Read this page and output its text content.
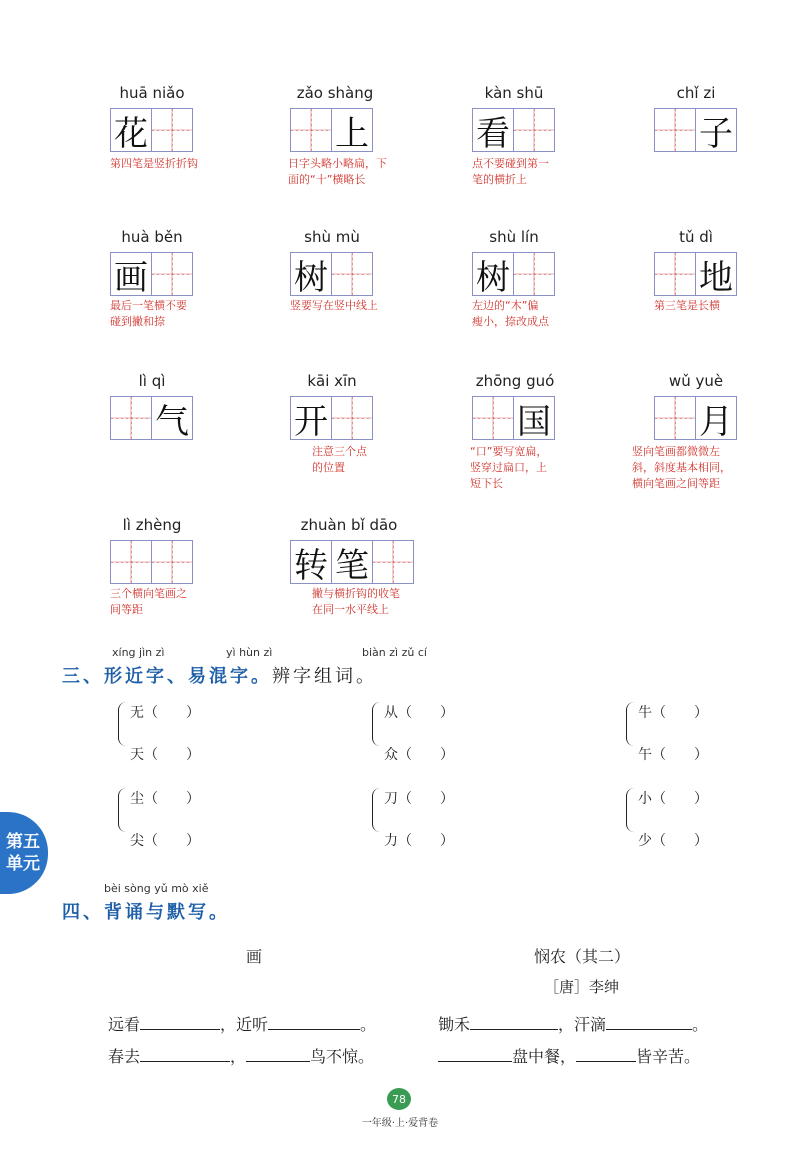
huā niǎo
花
第四笔是竖折折钩
zǎo shàng
上
日字头略小略扁，下
面的“十”横略长
kàn shū
看
点不要碰到第一
笔的横折上
chǐ zi
子
huà běn
画
最后一笔横不要
碰到撇和捺
shù mù
树
竖要写在竖中线上
shù lín
树
左边的“木”偏
瘦小，捺改成点
tǔ dì
地
第三笔是长横
lì qì
气
kāi xīn
开
注意三个点
的位置
zhōng guó
国
“口”要写宽扁，
竖穿过扁口，上
短下长
wǔ yuè
月
竖向笔画都微微左
斜，斜度基本相同，
横向笔画之间等距
lì zhèng
三个横向笔画之
间等距
zhuàn bǐ dāo
转 笔
撇与横折钩的收笔
在同一水平线上
xíng jìn zì	yì hùn zì	biàn zì zǔ cí
三、形近字、易混字。辨字组词。
无（　　）
天（　　）
从（　　）
众（　　）
牛（　　）
午（　　）
尘（　　）
尖（　　）
刀（　　）
力（　　）
小（　　）
少（　　）
第五
单元
bèi sòng yǔ mò xiě
四、背诵与默写。
画	悯农（其二）
［唐］李绅
远看	，近听	。	锄禾	，汗滴	。
春去	，	鸟不惊。	盘中餐，	皆辛苦。
78
一年级·上·爱背卷
